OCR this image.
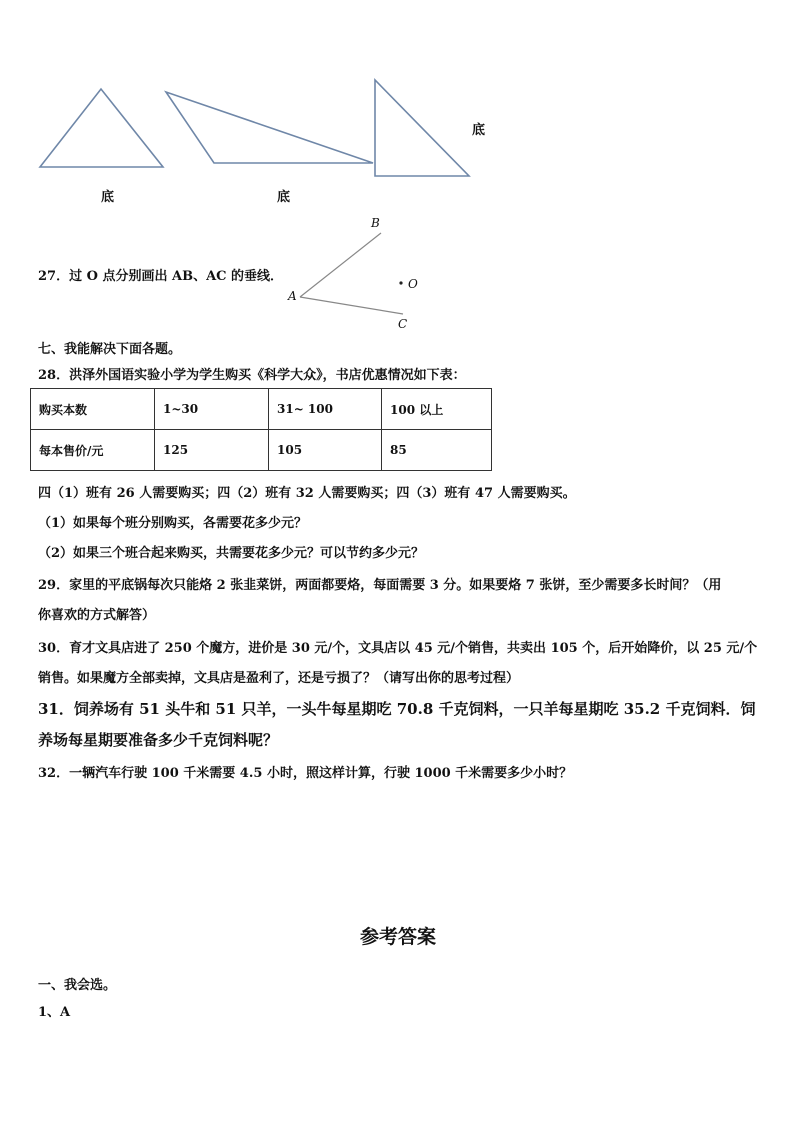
底	底
底
B
A
C
O
27．过 O 点分别画出 AB、AC 的垂线．
七、我能解决下面各题。
28．洪泽外国语实验小学为学生购买《科学大众》，书店优惠情况如下表：
购买本数	1~30	31~ 100	100 以上
每本售价/元	125	105	85
四（1）班有 26 人需要购买；四（2）班有 32 人需要购买；四（3）班有 47 人需要购买。
（1）如果每个班分别购买，各需要花多少元？
（2）如果三个班合起来购买，共需要花多少元？可以节约多少元？
29．家里的平底锅每次只能烙 2 张韭菜饼，两面都要烙，每面需要 3 分。如果要烙 7 张饼，至少需要多长时间？（用
你喜欢的方式解答）
30．育才文具店进了 250 个魔方，进价是 30 元/个，文具店以 45 元/个销售，共卖出 105 个，后开始降价，以 25 元/个
销售。如果魔方全部卖掉，文具店是盈利了，还是亏损了？（请写出你的思考过程）
31．饲养场有 51 头牛和 51 只羊，一头牛每星期吃 70.8 千克饲料，一只羊每星期吃 35.2 千克饲料．饲
养场每星期要准备多少千克饲料呢？
32．一辆汽车行驶 100 千米需要 4.5 小时，照这样计算，行驶 1000 千米需要多少小时？
参考答案
一、我会选。
1、A
